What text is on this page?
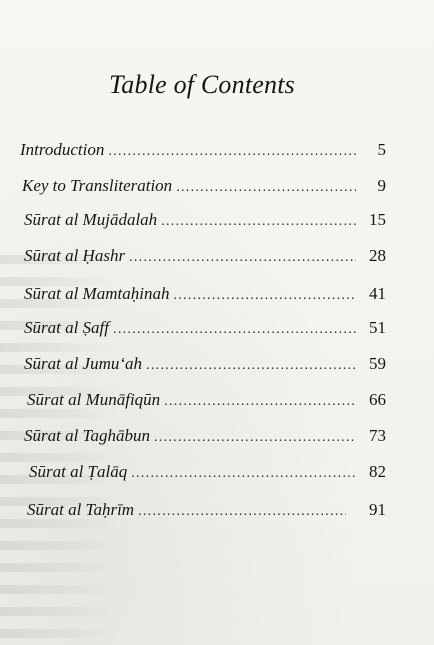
Table of Contents
Introduction .....	5
Key to Transliteration .....	9
Sūrat al Mujādalah .....	15
Sūrat al Ḥashr .....	28
Sūrat al Mamtaḥinah .....	41
Sūrat al Ṣaff .....	51
Sūrat al Jumu‘ah .....	59
Sūrat al Munāfiqūn .....	66
Sūrat al Taghābun .....	73
Sūrat al Ṭalāq .....	82
Sūrat al Taḥrīm .....	91
